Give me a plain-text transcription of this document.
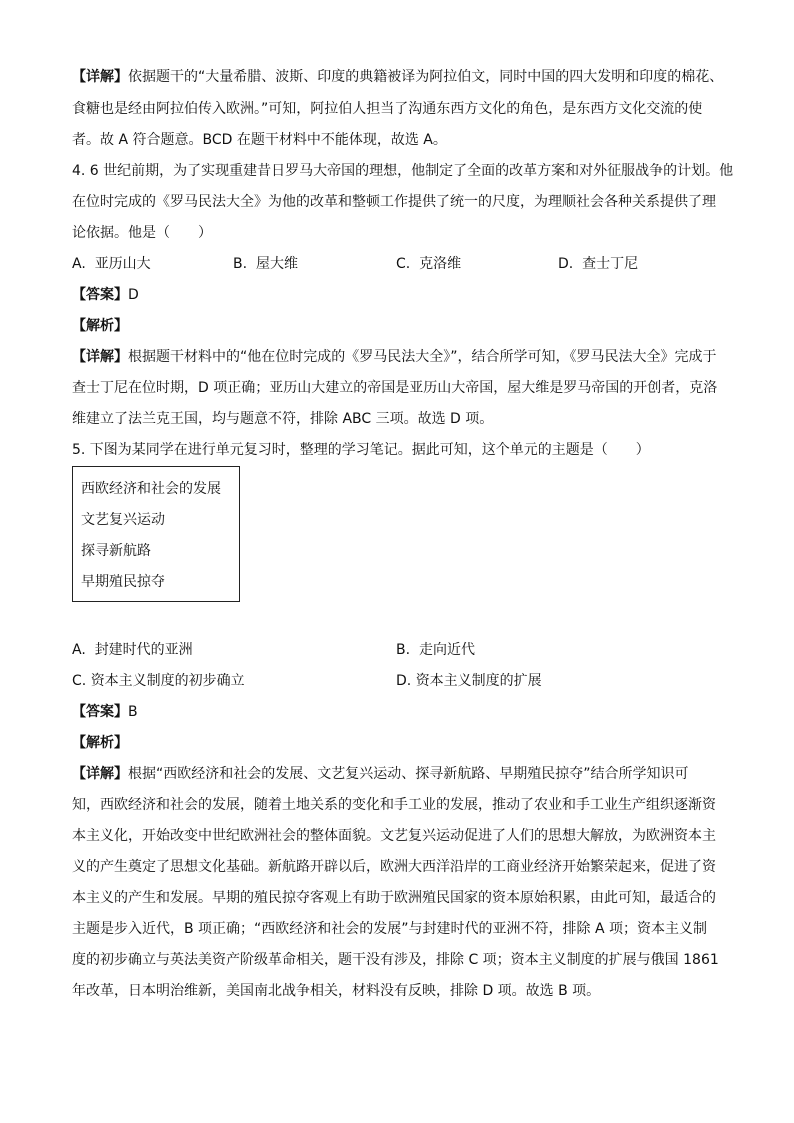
【详解】依据题干的“大量希腊、波斯、印度的典籍被译为阿拉伯文，同时中国的四大发明和印度的棉花、
食糖也是经由阿拉伯传入欧洲。”可知，阿拉伯人担当了沟通东西方文化的角色，是东西方文化交流的使
者。故 A 符合题意。BCD 在题干材料中不能体现，故选 A。
4. 6 世纪前期，为了实现重建昔日罗马大帝国的理想，他制定了全面的改革方案和对外征服战争的计划。他
在位时完成的《罗马民法大全》为他的改革和整顿工作提供了统一的尺度，为理顺社会各种关系提供了理
论依据。他是（　　）
A. 亚历山大	B. 屋大维	C. 克洛维	D. 查士丁尼
【答案】D
【解析】
【详解】根据题干材料中的“他在位时完成的《罗马民法大全》”，结合所学可知，《罗马民法大全》完成于
查士丁尼在位时期，D 项正确；亚历山大建立的帝国是亚历山大帝国，屋大维是罗马帝国的开创者，克洛
维建立了法兰克王国，均与题意不符，排除 ABC 三项。故选 D 项。
5. 下图为某同学在进行单元复习时，整理的学习笔记。据此可知，这个单元的主题是（　　）
西欧经济和社会的发展
文艺复兴运动
探寻新航路
早期殖民掠夺
A. 封建时代的亚洲	B. 走向近代
C. 资本主义制度的初步确立	D. 资本主义制度的扩展
【答案】B
【解析】
【详解】根据“西欧经济和社会的发展、文艺复兴运动、探寻新航路、早期殖民掠夺”结合所学知识可
知，西欧经济和社会的发展，随着土地关系的变化和手工业的发展，推动了农业和手工业生产组织逐渐资
本主义化，开始改变中世纪欧洲社会的整体面貌。文艺复兴运动促进了人们的思想大解放，为欧洲资本主
义的产生奠定了思想文化基础。新航路开辟以后，欧洲大西洋沿岸的工商业经济开始繁荣起来，促进了资
本主义的产生和发展。早期的殖民掠夺客观上有助于欧洲殖民国家的资本原始积累，由此可知，最适合的
主题是步入近代，B 项正确；“西欧经济和社会的发展”与封建时代的亚洲不符，排除 A 项；资本主义制
度的初步确立与英法美资产阶级革命相关，题干没有涉及，排除 C 项；资本主义制度的扩展与俄国 1861
年改革，日本明治维新，美国南北战争相关，材料没有反映，排除 D 项。故选 B 项。
